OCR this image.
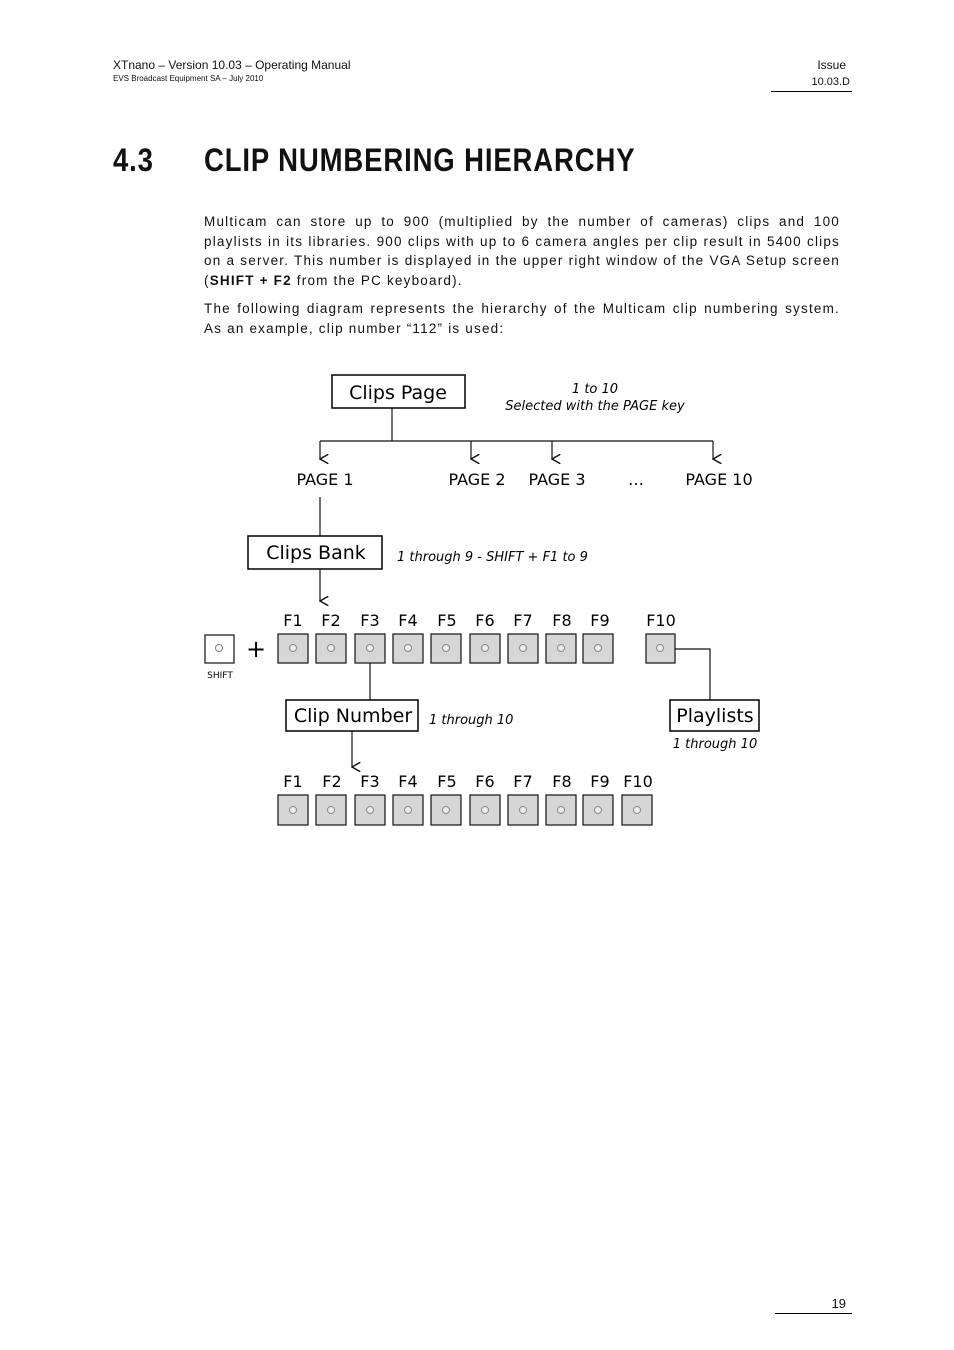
XTnano – Version 10.03 – Operating Manual
EVS Broadcast Equipment SA – July 2010
Issue
10.03.D
4.3 CLIP NUMBERING HIERARCHY
Multicam can store up to 900 (multiplied by the number of cameras) clips and 100 playlists in its libraries. 900 clips with up to 6 camera angles per clip result in 5400 clips on a server. This number is displayed in the upper right window of the VGA Setup screen (SHIFT + F2 from the PC keyboard).
The following diagram represents the hierarchy of the Multicam clip numbering system. As an example, clip number “112” is used:
Clips Page	1 to 10
Selected with the PAGE key
PAGE 1	PAGE 2 PAGE 3	…	PAGE 10
Clips Bank 1 through 9 - SHIFT + F1 to 9
F1 F2 F3 F4 F5 F6 F7 F8 F9 F10
SHIFT
+
Clip Number 1 through 10	Playlists
1 through 10
F1 F2 F3 F4 F5 F6 F7 F8 F9 F10
19
